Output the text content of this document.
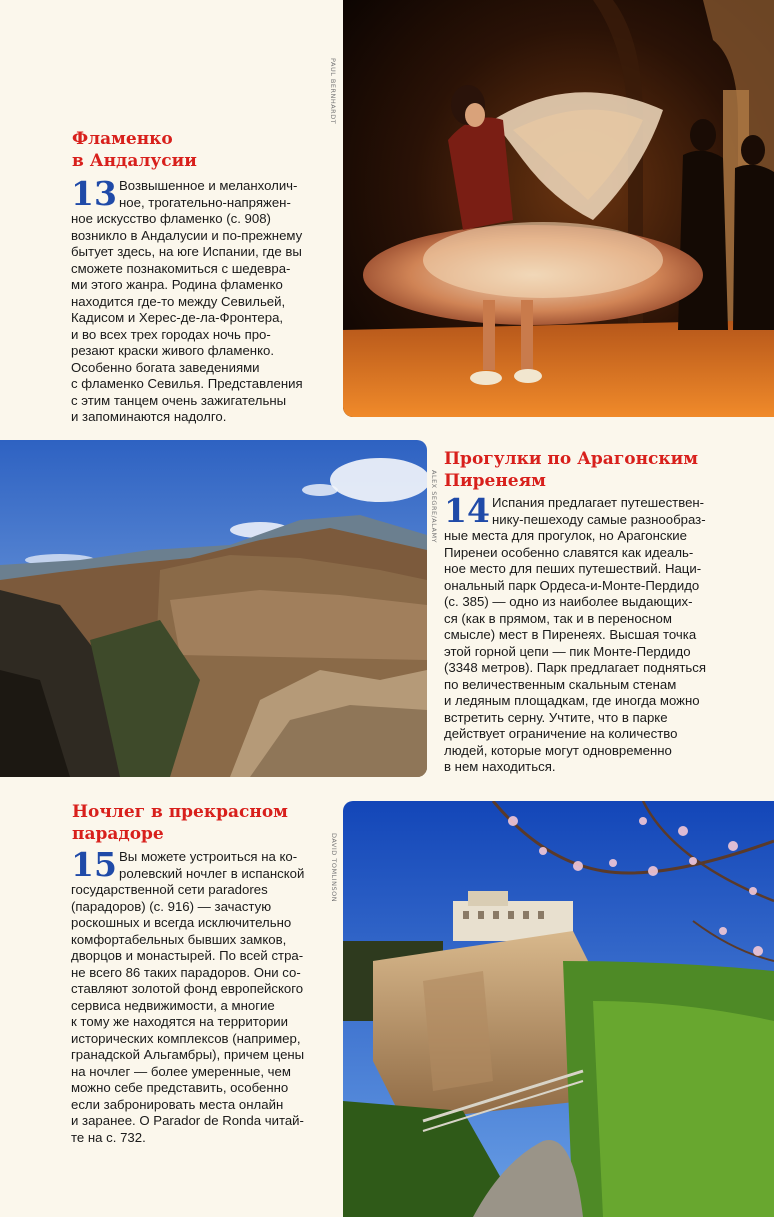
PAUL BERNHARDT
Фламенко
в Андалусии
13 Возвышенное и меланхолич-
ное, трогательно-напряжен-
ное искусство фламенко (с. 908)
возникло в Андалусии и по-прежнему
бытует здесь, на юге Испании, где вы
сможете познакомиться с шедевра-
ми этого жанра. Родина фламенко
находится где-то между Севильей,
Кадисом и Херес-де-ла-Фронтера,
и во всех трех городах ночь про-
резают краски живого фламенко.
Особенно богата заведениями
с фламенко Севилья. Представления
с этим танцем очень зажигательны
и запоминаются надолго.
ALEX SEGRE/ALAMY
Прогулки по Арагонским
Пиренеям
14 Испания предлагает путешествен-
нику-пешеходу самые разнообраз-
ные места для прогулок, но Арагонские
Пиренеи особенно славятся как идеаль-
ное место для пеших путешествий. Наци-
ональный парк Ордеса-и-Монте-Пердидо
(с. 385) — одно из наиболее выдающих-
ся (как в прямом, так и в переносном
смысле) мест в Пиренеях. Высшая точка
этой горной цепи — пик Монте-Пердидо
(3348 метров). Парк предлагает подняться
по величественным скальным стенам
и ледяным площадкам, где иногда можно
встретить серну. Учтите, что в парке
действует ограничение на количество
людей, которые могут одновременно
в нем находиться.
DAVID TOMLINSON
Ночлег в прекрасном
парадоре
15 Вы можете устроиться на ко-
ролевский ночлег в испанской
государственной сети paradores
(парадоров) (с. 916) — зачастую
роскошных и всегда исключительно
комфортабельных бывших замков,
дворцов и монастырей. По всей стра-
не всего 86 таких парадоров. Они со-
ставляют золотой фонд европейского
сервиса недвижимости, а многие
к тому же находятся на территории
исторических комплексов (например,
гранадской Альгамбры), причем цены
на ночлег — более умеренные, чем
можно себе представить, особенно
если забронировать места онлайн
и заранее. O Parador de Ronda читай-
те на с. 732.
